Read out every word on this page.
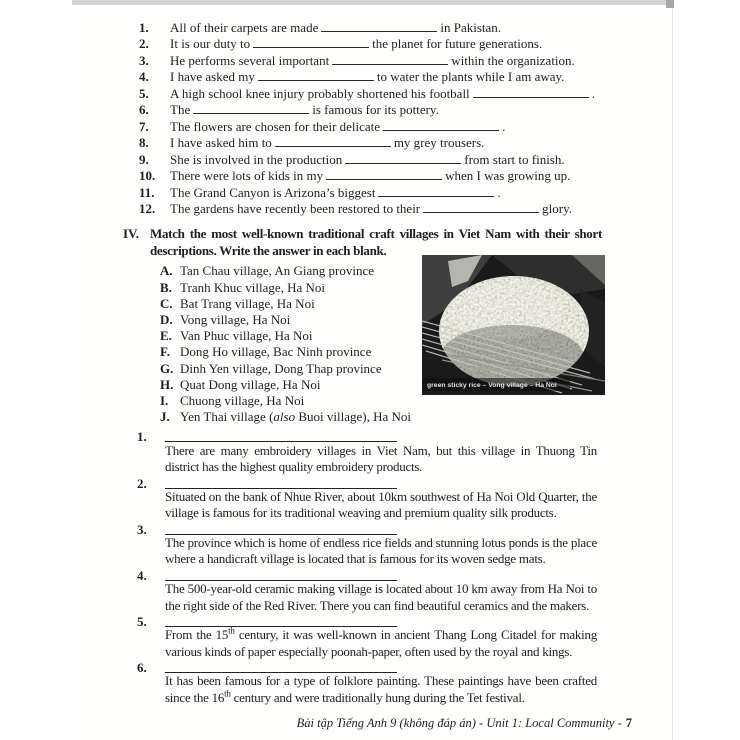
1. All of their carpets are made	in Pakistan.
2. It is our duty to	the planet for future generations.
3. He performs several important	within the organization.
4. I have asked my	to water the plants while I am away.
5. A high school knee injury probably shortened his football	.
6. The	is famous for its pottery.
7. The flowers are chosen for their delicate	.
8. I have asked him to	my grey trousers.
9. She is involved in the production	from start to finish.
10. There were lots of kids in my	when I was growing up.
11. The Grand Canyon is Arizona’s biggest	.
12. The gardens have recently been restored to their	glory.
IV. Match the most well-known traditional craft villages in Viet Nam with their short descriptions. Write the answer in each blank.
A. Tan Chau village, An Giang province
B. Tranh Khuc village, Ha Noi
C. Bat Trang village, Ha Noi
D. Vong village, Ha Noi
E. Van Phuc village, Ha Noi
F. Dong Ho village, Bac Ninh province
G. Dinh Yen village, Dong Thap province
H. Quat Dong village, Ha Noi
I. Chuong village, Ha Noi
J. Yen Thai village (also Buoi village), Ha Noi
1.

There are many embroidery villages in Viet Nam, but this village in Thuong Tin district has the highest quality embroidery products.

2.

Situated on the bank of Nhue River, about 10km southwest of Ha Noi Old Quarter, the village is famous for its traditional weaving and premium quality silk products.

3.

The province which is home of endless rice fields and stunning lotus ponds is the place where a handicraft village is located that is famous for its woven sedge mats.

4.

The 500-year-old ceramic making village is located about 10 km away from Ha Noi to the right side of the Red River. There you can find beautiful ceramics and the makers.

5.

From the 15th century, it was well-known in ancient Thang Long Citadel for making various kinds of paper especially poonah-paper, often used by the royal and kings.

6.

It has been famous for a type of folklore painting. These paintings have been crafted since the 16th century and were traditionally hung during the Tet festival.

Bài tập Tiếng Anh 9 (không đáp án) - Unit 1: Local Community - 7
green sticky rice – Vong village – Ha Noi
